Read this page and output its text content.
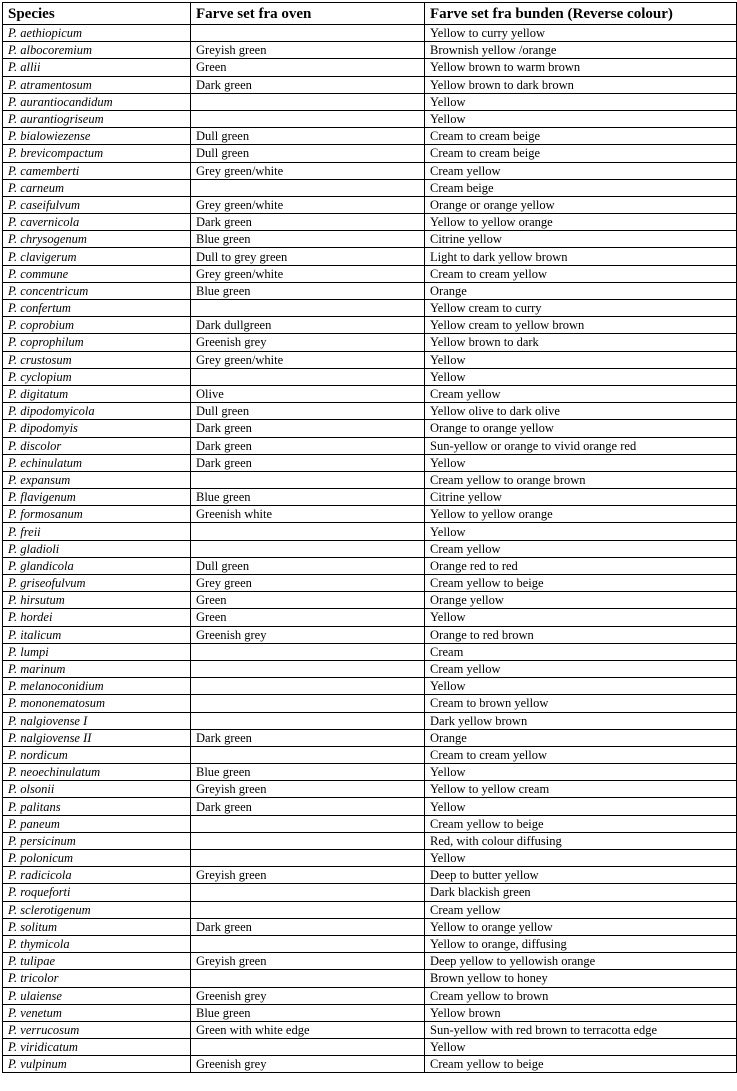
Species	Farve set fra oven	Farve set fra bunden (Reverse colour)
P. aethiopicum		Yellow to curry yellow
P. albocoremium	Greyish green	Brownish yellow /orange
P. allii	Green	Yellow brown to warm brown
P. atramentosum	Dark green	Yellow brown to dark brown
P. aurantiocandidum		Yellow
P. aurantiogriseum		Yellow
P. bialowiezense	Dull green	Cream to cream beige
P. brevicompactum	Dull green	Cream to cream beige
P. camemberti	Grey green/white	Cream yellow
P. carneum		Cream beige
P. caseifulvum	Grey green/white	Orange or orange yellow
P. cavernicola	Dark green	Yellow to yellow orange
P. chrysogenum	Blue green	Citrine yellow
P. clavigerum	Dull to grey green	Light to dark yellow brown
P. commune	Grey green/white	Cream to cream yellow
P. concentricum	Blue green	Orange
P. confertum		Yellow cream to curry
P. coprobium	Dark dullgreen	Yellow cream to yellow brown
P. coprophilum	Greenish grey	Yellow brown to dark
P. crustosum	Grey green/white	Yellow
P. cyclopium		Yellow
P. digitatum	Olive	Cream yellow
P. dipodomyicola	Dull green	Yellow olive to dark olive
P. dipodomyis	Dark green	Orange to orange yellow
P. discolor	Dark green	Sun-yellow or orange to vivid orange red
P. echinulatum	Dark green	Yellow
P. expansum		Cream yellow to orange brown
P. flavigenum	Blue green	Citrine yellow
P. formosanum	Greenish white	Yellow to yellow orange
P. freii		Yellow
P. gladioli		Cream yellow
P. glandicola	Dull green	Orange red to red
P. griseofulvum	Grey green	Cream yellow to beige
P. hirsutum	Green	Orange yellow
P. hordei	Green	Yellow
P. italicum	Greenish grey	Orange to red brown
P. lumpi		Cream
P. marinum		Cream yellow
P. melanoconidium		Yellow
P. mononematosum		Cream to brown yellow
P. nalgiovense I		Dark yellow brown
P. nalgiovense II	Dark green	Orange
P. nordicum		Cream to cream yellow
P. neoechinulatum	Blue green	Yellow
P. olsonii	Greyish green	Yellow to yellow cream
P. palitans	Dark green	Yellow
P. paneum		Cream yellow to beige
P. persicinum		Red, with colour diffusing
P. polonicum		Yellow
P. radicicola	Greyish green	Deep to butter yellow
P. roqueforti		Dark blackish green
P. sclerotigenum		Cream yellow
P. solitum	Dark green	Yellow to orange yellow
P. thymicola		Yellow to orange, diffusing
P. tulipae	Greyish green	Deep yellow to yellowish orange
P. tricolor		Brown yellow to honey
P. ulaiense	Greenish grey	Cream yellow to brown
P. venetum	Blue green	Yellow brown
P. verrucosum	Green with white edge	Sun-yellow with red brown to terracotta edge
P. viridicatum		Yellow
P. vulpinum	Greenish grey	Cream yellow to beige
